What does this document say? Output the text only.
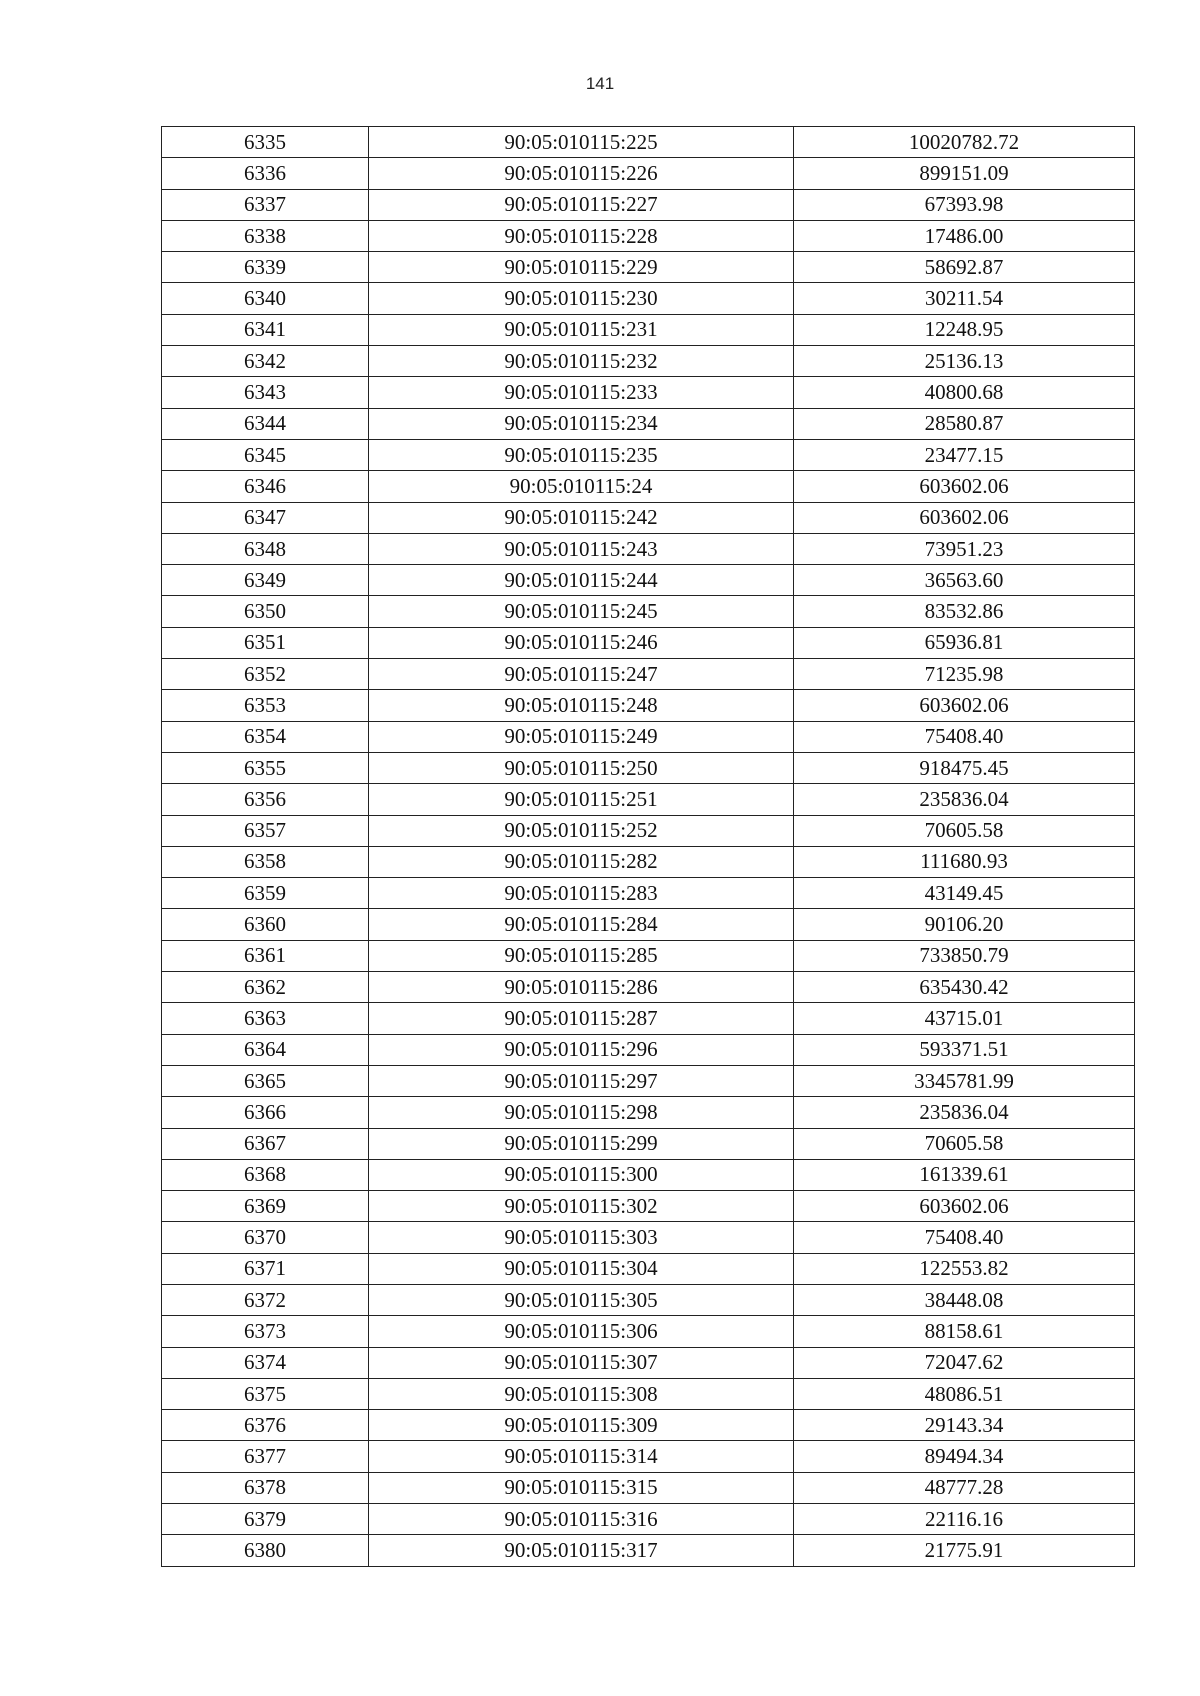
141
6335	90:05:010115:225	10020782.72
6336	90:05:010115:226	899151.09
6337	90:05:010115:227	67393.98
6338	90:05:010115:228	17486.00
6339	90:05:010115:229	58692.87
6340	90:05:010115:230	30211.54
6341	90:05:010115:231	12248.95
6342	90:05:010115:232	25136.13
6343	90:05:010115:233	40800.68
6344	90:05:010115:234	28580.87
6345	90:05:010115:235	23477.15
6346	90:05:010115:24	603602.06
6347	90:05:010115:242	603602.06
6348	90:05:010115:243	73951.23
6349	90:05:010115:244	36563.60
6350	90:05:010115:245	83532.86
6351	90:05:010115:246	65936.81
6352	90:05:010115:247	71235.98
6353	90:05:010115:248	603602.06
6354	90:05:010115:249	75408.40
6355	90:05:010115:250	918475.45
6356	90:05:010115:251	235836.04
6357	90:05:010115:252	70605.58
6358	90:05:010115:282	111680.93
6359	90:05:010115:283	43149.45
6360	90:05:010115:284	90106.20
6361	90:05:010115:285	733850.79
6362	90:05:010115:286	635430.42
6363	90:05:010115:287	43715.01
6364	90:05:010115:296	593371.51
6365	90:05:010115:297	3345781.99
6366	90:05:010115:298	235836.04
6367	90:05:010115:299	70605.58
6368	90:05:010115:300	161339.61
6369	90:05:010115:302	603602.06
6370	90:05:010115:303	75408.40
6371	90:05:010115:304	122553.82
6372	90:05:010115:305	38448.08
6373	90:05:010115:306	88158.61
6374	90:05:010115:307	72047.62
6375	90:05:010115:308	48086.51
6376	90:05:010115:309	29143.34
6377	90:05:010115:314	89494.34
6378	90:05:010115:315	48777.28
6379	90:05:010115:316	22116.16
6380	90:05:010115:317	21775.91
